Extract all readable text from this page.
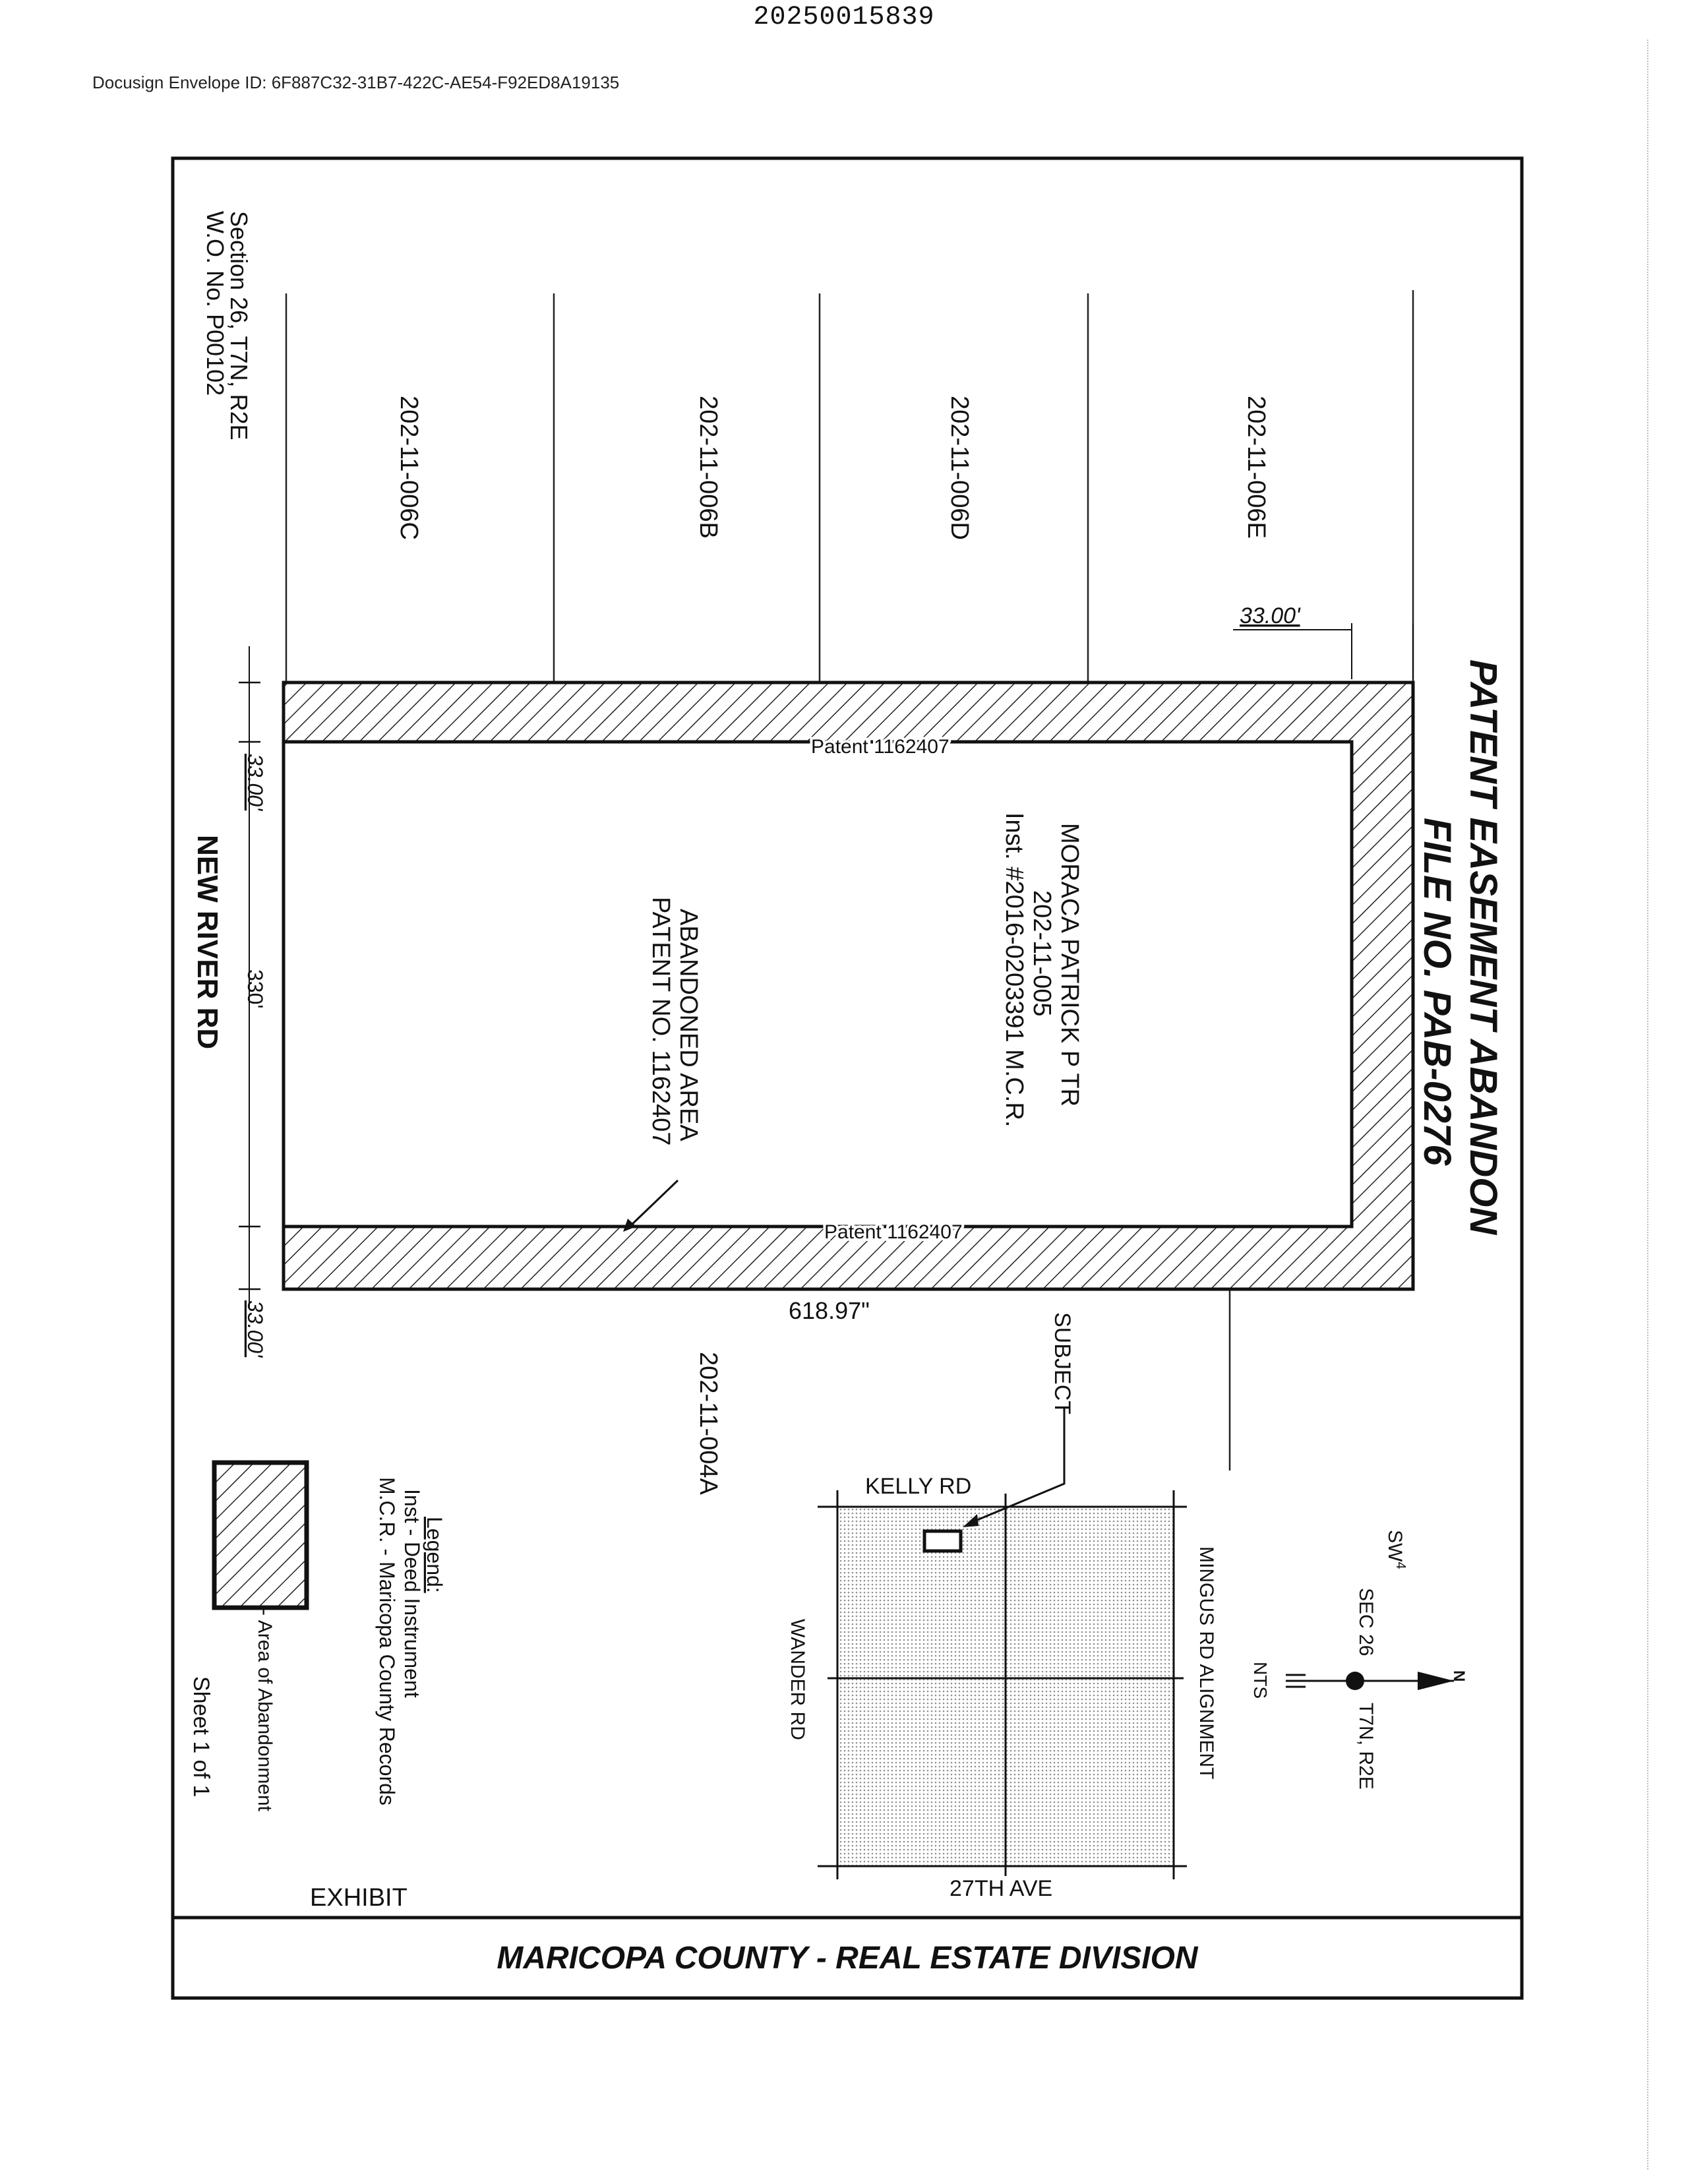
20250015839
Docusign Envelope ID: 6F887C32-31B7-422C-AE54-F92ED8A19135
PATENT EASEMENT ABANDON
FILE NO. PAB-0276
Section 26, T7N, R2E
W.O. No. P00102
202-11-006C	202-11-006B	202-11-006D	202-11-006E
202-11-004A
MORACA PATRICK P TR
202-11-005
Inst. #2016-0203391 M.C.R.
ABANDONED AREA
PATENT NO. 1162407
NEW RIVER RD
33.00'
330'
33.00'	SUBJECT
MINGUS RD ALIGNMENT
WANDER RD	NTS
SEC 26
$SW^4$
T7N, R2E
N
Legend:
Inst - Deed Instrument
M.C.R. - Maricopa County Records
- Area of Abandonment
Sheet 1 of 1
33.00'
Patent 1162407
Patent 1162407
618.97"
KELLY RD
27TH AVE
EXHIBIT
MARICOPA COUNTY - REAL ESTATE DIVISION
